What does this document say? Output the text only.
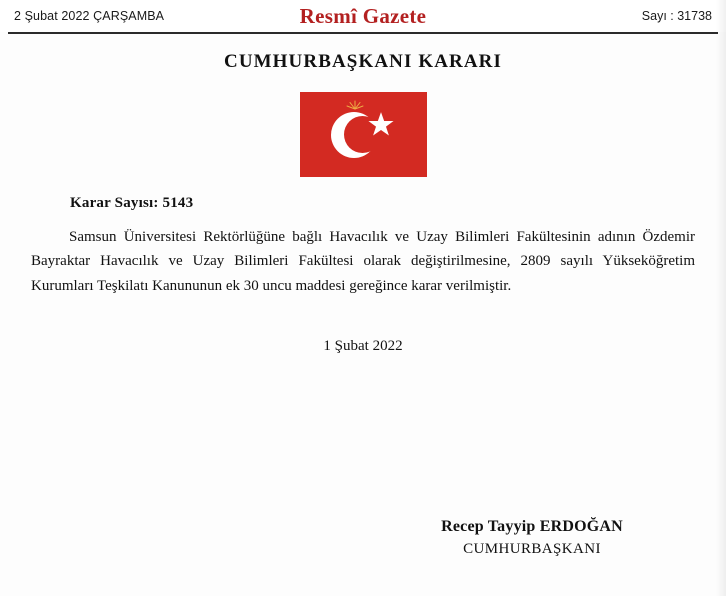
2 Şubat 2022 ÇARŞAMBA	Resmî Gazete	Sayı : 31738
CUMHURBAŞKANI KARARI
Karar Sayısı: 5143
Samsun Üniversitesi Rektörlüğüne bağlı Havacılık ve Uzay Bilimleri Fakültesinin adının Özdemir Bayraktar Havacılık ve Uzay Bilimleri Fakültesi olarak değiştirilmesine, 2809 sayılı Yükseköğretim Kurumları Teşkilatı Kanununun ek 30 uncu maddesi gereğince karar verilmiştir.
1 Şubat 2022
Recep Tayyip ERDOĞAN
CUMHURBAŞKANI
